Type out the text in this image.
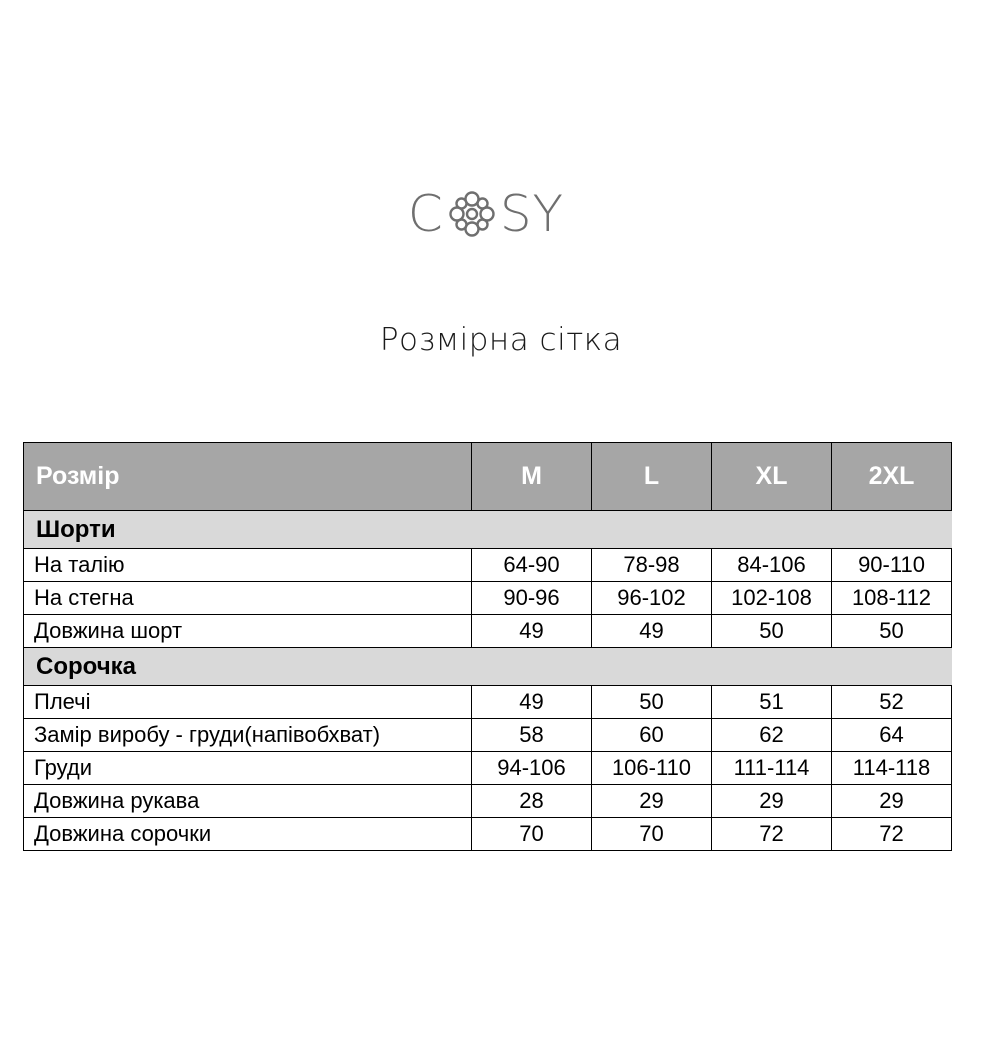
C SY
Розмірна сітка
Розмір	M	L	XL	2XL
Шорти				
На талію	64-90	78-98	84-106	90-110
На стегна	90-96	96-102	102-108	108-112
Довжина шорт	49	49	50	50
Сорочка				
Плечі	49	50	51	52
Замір виробу - груди(напівобхват)	58	60	62	64
Груди	94-106	106-110	111-114	114-118
Довжина рукава	28	29	29	29
Довжина сорочки	70	70	72	72
